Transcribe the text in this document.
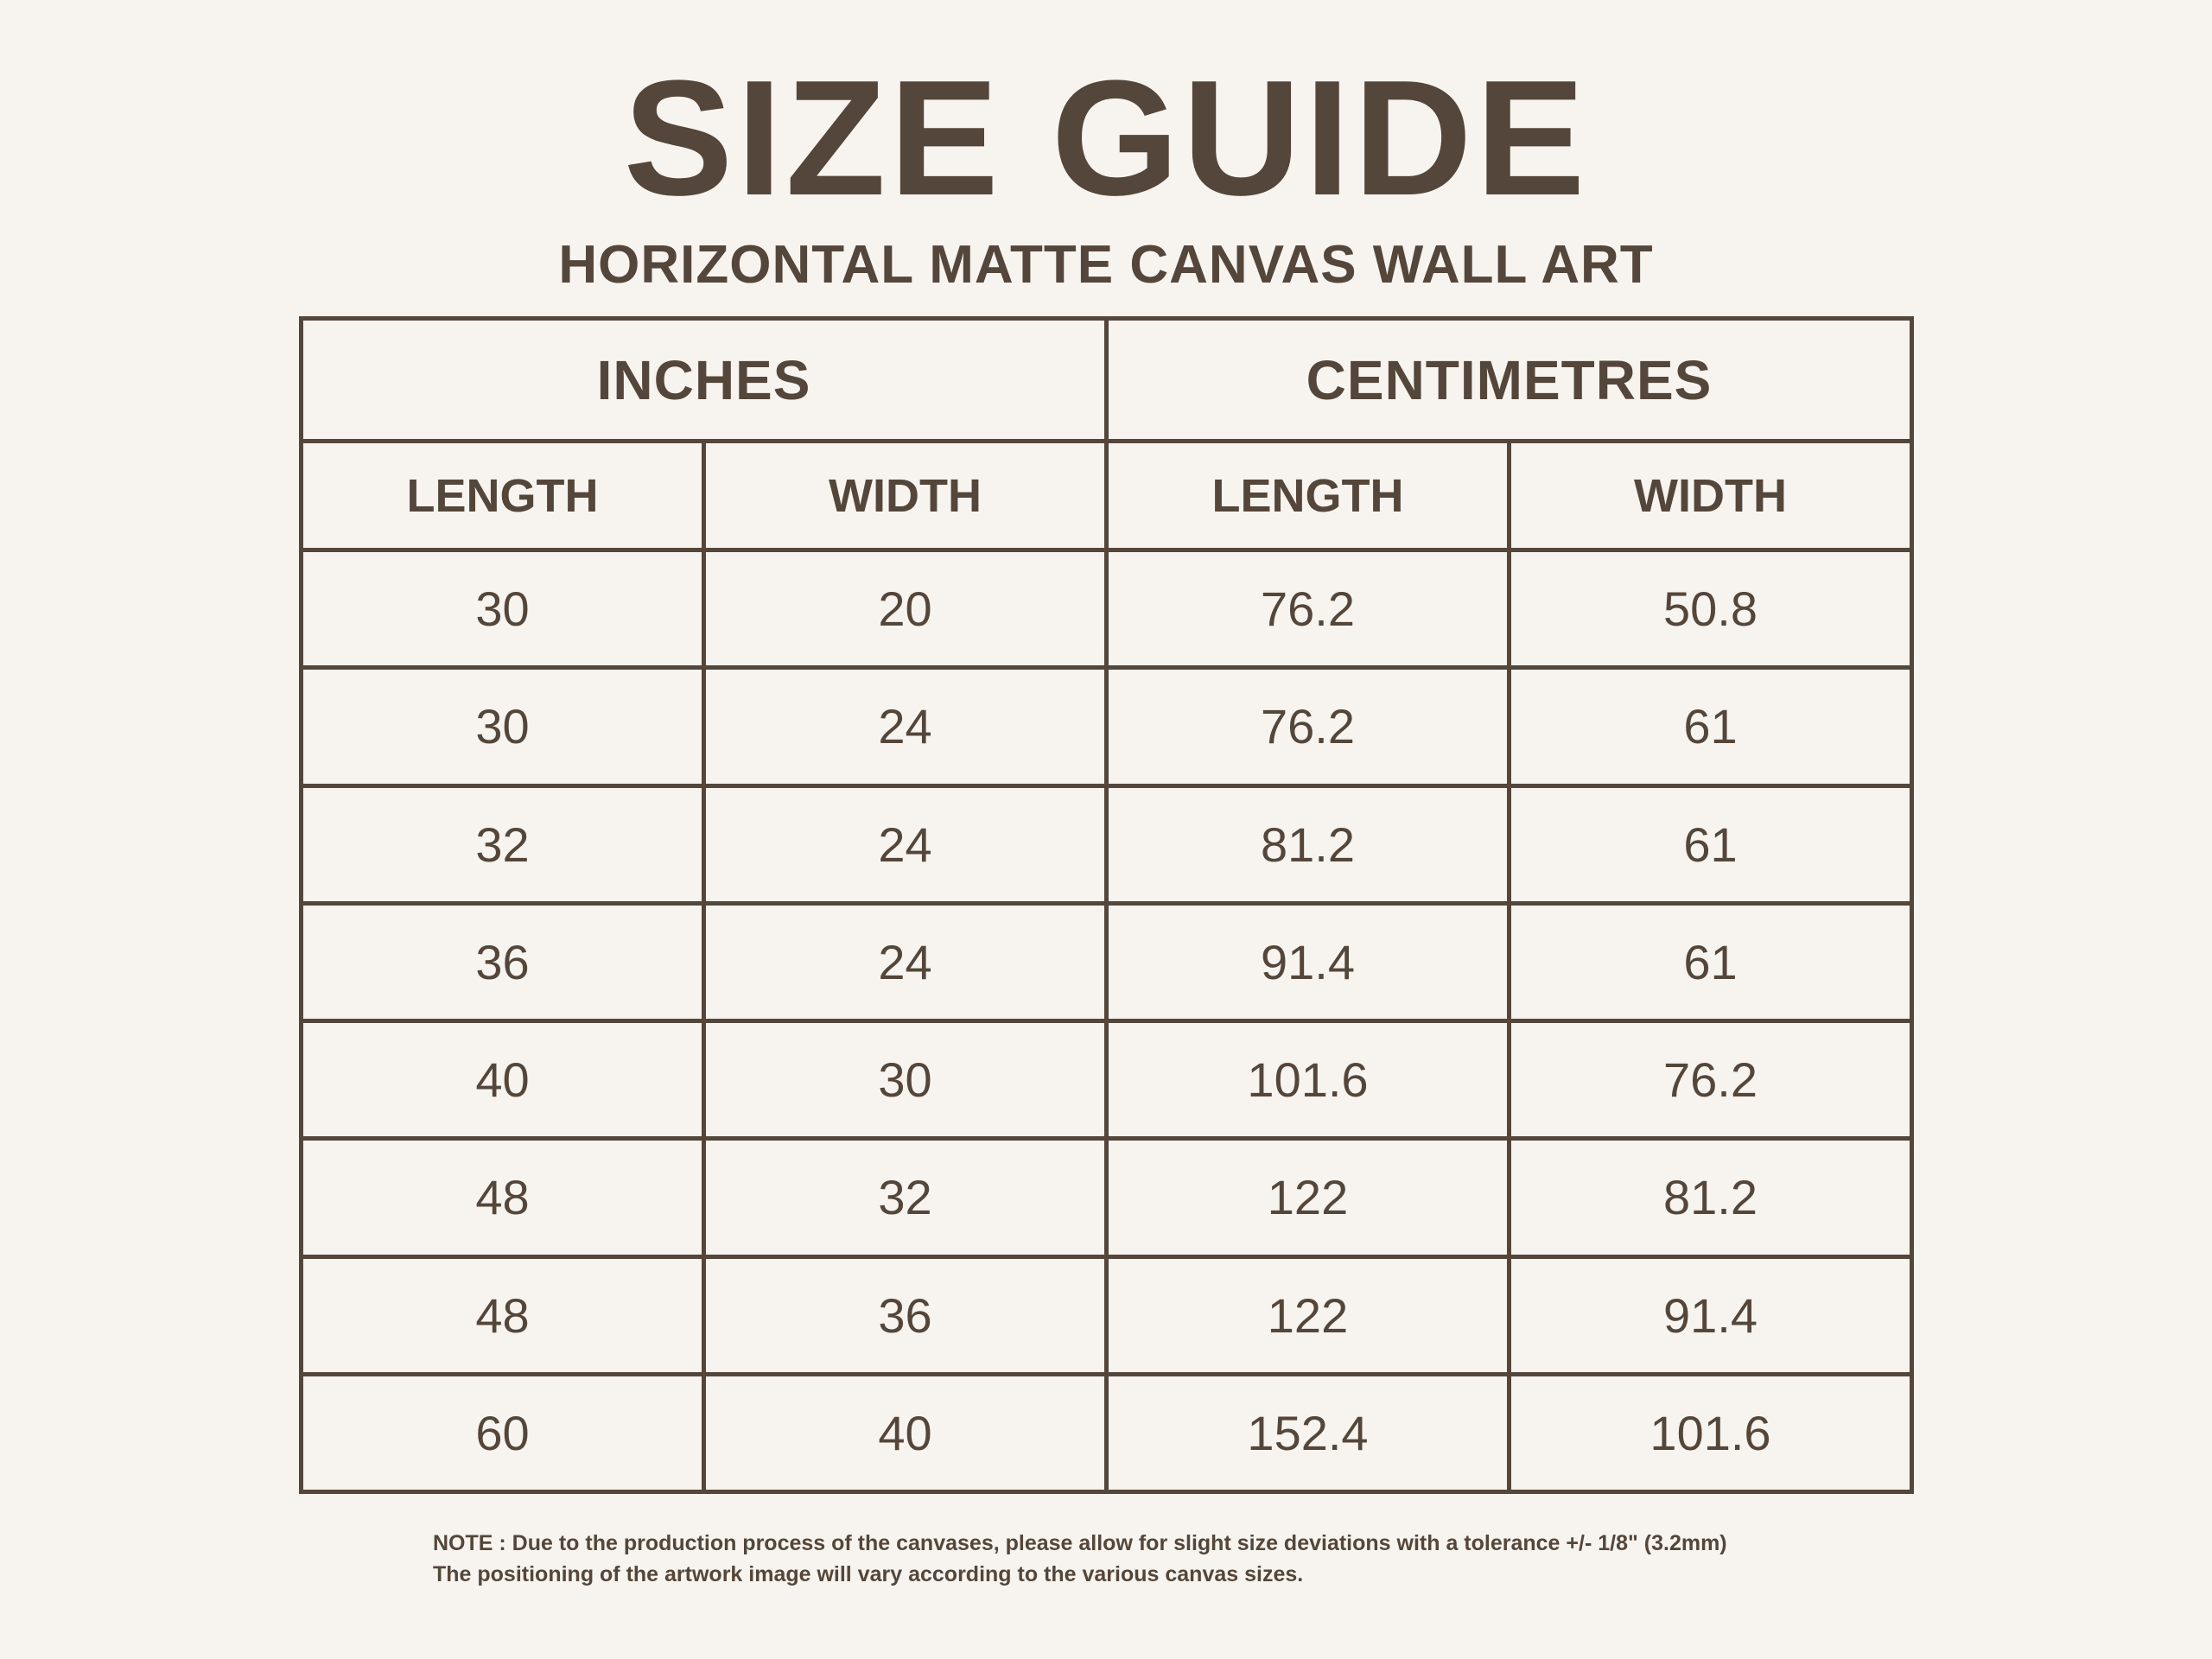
SIZE GUIDE
HORIZONTAL MATTE CANVAS WALL ART
INCHES		CENTIMETRES	
LENGTH	WIDTH	LENGTH	WIDTH
30	20	76.2	50.8
30	24	76.2	61
32	24	81.2	61
36	24	91.4	61
40	30	101.6	76.2
48	32	122	81.2
48	36	122	91.4
60	40	152.4	101.6
NOTE : Due to the production process of the canvases, please allow for slight size deviations with a tolerance +/- 1/8" (3.2mm)
The positioning of the artwork image will vary according to the various canvas sizes.
